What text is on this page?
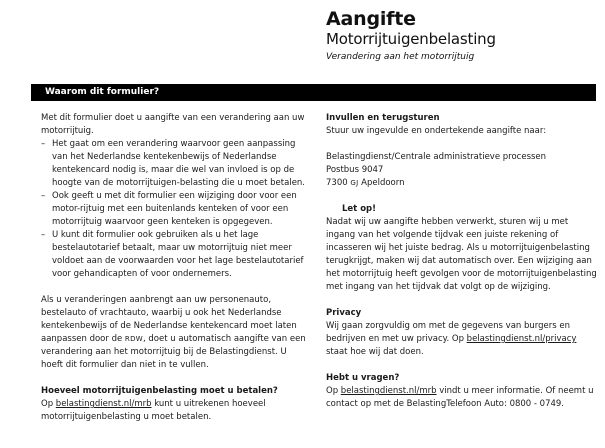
Aangifte
Motorrijtuigenbelasting
Verandering aan het motorrijtuig
Waarom dit formulier?

Met dit formulier doet u aangifte van een verandering aan uw motorrijtuig.

– Het gaat om een verandering waarvoor geen aanpassing van het Nederlandse kentekenbewijs of Nederlandse kentekencard nodig is, maar die wel van invloed is op de hoogte van de motorrijtuigen-belasting die u moet betalen.
– Ook geeft u met dit formulier een wijziging door voor een motor-rijtuig met een buitenlands kenteken of voor een motorrijtuig waarvoor geen kenteken is opgegeven.
– U kunt dit formulier ook gebruiken als u het lage bestelautotarief betaalt, maar uw motorrijtuig niet meer voldoet aan de voorwaarden voor het lage bestelautotarief voor gehandicapten of voor ondernemers.

Als u veranderingen aanbrengt aan uw personenauto, bestelauto of vrachtauto, waarbij u ook het Nederlandse kentekenbewijs of de Nederlandse kentekencard moet laten aanpassen door de RDW, doet u automatisch aangifte van een verandering aan het motorrijtuig bij de Belastingdienst. U hoeft dit formulier dan niet in te vullen.

Hoeveel motorrijtuigenbelasting moet u betalen?

Op belastingdienst.nl/mrb kunt u uitrekenen hoeveel motorrijtuigenbelasting u moet betalen.

Invullen en terugsturen

Stuur uw ingevulde en ondertekende aangifte naar:

Belastingdienst/Centrale administratieve processen

Postbus 9047

7300 GJ Apeldoorn

Let op!

Nadat wij uw aangifte hebben verwerkt, sturen wij u met ingang van het volgende tijdvak een juiste rekening of incasseren wij het juiste bedrag. Als u motorrijtuigenbelasting terugkrijgt, maken wij dat automatisch over. Een wijziging aan het motorrijtuig heeft gevolgen voor de motorrijtuigenbelasting met ingang van het tijdvak dat volgt op de wijziging.

Privacy

Wij gaan zorgvuldig om met de gegevens van burgers en bedrijven en met uw privacy. Op belastingdienst.nl/privacy staat hoe wij dat doen.

Hebt u vragen?

Op belastingdienst.nl/mrb vindt u meer informatie. Of neemt u contact op met de BelastingTelefoon Auto: 0800 - 0749.
